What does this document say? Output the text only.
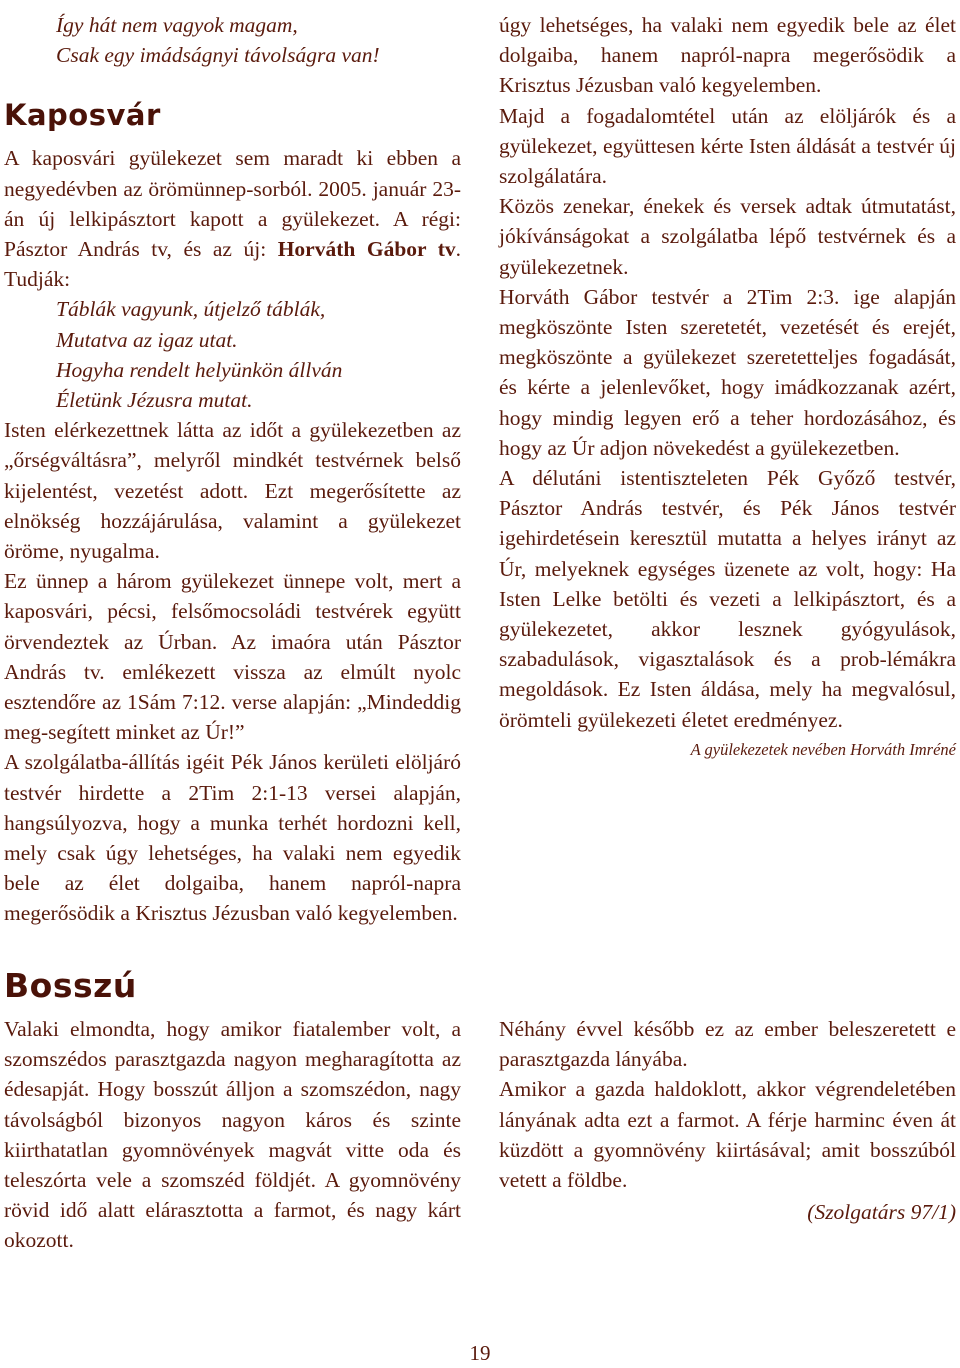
Így hát nem vagyok magam,

Csak egy imádságnyi távolságra van!

Kaposvár

A kaposvári gyülekezet sem maradt ki ebben a negyedévben az örömünnep-sorból. 2005. január 23-án új lelkipásztort kapott a gyülekezet. A régi: Pásztor András tv, és az új: Horváth Gábor tv. Tudják:

Táblák vagyunk, útjelző táblák,

Mutatva az igaz utat.

Hogyha rendelt helyünkön állván

Életünk Jézusra mutat.

Isten elérkezettnek látta az időt a gyülekezetben az „őrségváltásra”, melyről mindkét testvérnek belső kijelentést, vezetést adott. Ezt megerősítette az elnökség hozzájárulása, valamint a gyülekezet öröme, nyugalma.

Ez ünnep a három gyülekezet ünnepe volt, mert a kaposvári, pécsi, felsőmocsoládi testvérek együtt örvendeztek az Úrban. Az imaóra után Pásztor András tv. emlékezett vissza az elmúlt nyolc esztendőre az 1Sám 7:12. verse alapján: „Mindeddig meg-segített minket az Úr!”

A szolgálatba-állítás igéit Pék János kerületi elöljáró testvér hirdette a 2Tim 2:1-13 versei alapján, hangsúlyozva, hogy a munka terhét hordozni kell, mely csak úgy lehetséges, ha valaki nem egyedik bele az élet dolgaiba, hanem napról-napra megerősödik a Krisztus Jézusban való kegyelemben.

úgy lehetséges, ha valaki nem egyedik bele az élet dolgaiba, hanem napról-napra megerősödik a Krisztus Jézusban való kegyelemben.

Majd a fogadalomtétel után az elöljárók és a gyülekezet, együttesen kérte Isten áldását a testvér új szolgálatára.

Közös zenekar, énekek és versek adtak útmutatást, jókívánságokat a szolgálatba lépő testvérnek és a gyülekezetnek.

Horváth Gábor testvér a 2Tim 2:3. ige alapján megköszönte Isten szeretetét, vezetését és erejét, megköszönte a gyülekezet szeretetteljes fogadását, és kérte a jelenlevőket, hogy imádkozzanak azért, hogy mindig legyen erő a teher hordozásához, és hogy az Úr adjon növekedést a gyülekezetben.

A délutáni istentiszteleten Pék Győző testvér, Pásztor András testvér, és Pék János testvér igehirdetésein keresztül mutatta a helyes irányt az Úr, melyeknek egységes üzenete az volt, hogy: Ha Isten Lelke betölti és vezeti a lelkipásztort, és a gyülekezetet, akkor lesznek gyógyulások, szabadulások, vigasztalások és a prob-lémákra megoldások. Ez Isten áldása, mely ha megvalósul, örömteli gyülekezeti életet eredményez.

A gyülekezetek nevében Horváth Imréné

Bosszú

Valaki elmondta, hogy amikor fiatalember volt, a szomszédos parasztgazda nagyon megharagította az édesapját. Hogy bosszút álljon a szomszédon, nagy távolságból bizonyos nagyon káros és szinte kiirthatatlan gyomnövények magvát vitte oda és teleszórta vele a szomszéd földjét. A gyomnövény rövid idő alatt elárasztotta a farmot, és nagy kárt okozott.

Néhány évvel később ez az ember beleszeretett e parasztgazda lányába.

Amikor a gazda haldoklott, akkor végrendeletében lányának adta ezt a farmot. A férje harminc éven át küzdött a gyomnövény kiirtásával; amit bosszúból vetett a földbe.

(Szolgatárs 97/1)

19
